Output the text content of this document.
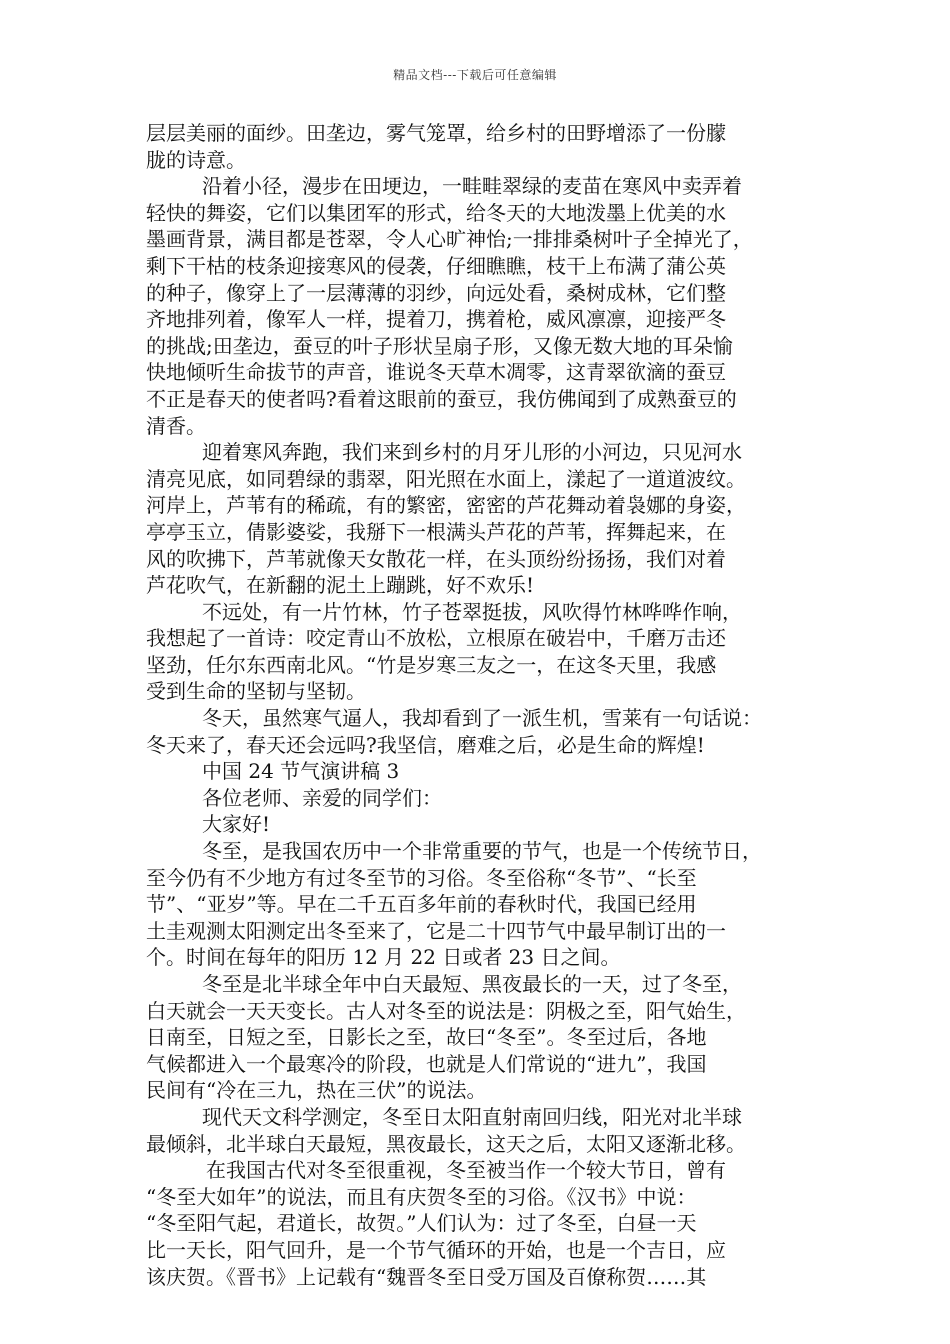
精品文档---下载后可任意编辑
层层美丽的面纱。田垄边，雾气笼罩，给乡村的田野增添了一份朦
胧的诗意。
沿着小径，漫步在田埂边，一畦畦翠绿的麦苗在寒风中卖弄着
轻快的舞姿，它们以集团军的形式，给冬天的大地泼墨上优美的水
墨画背景，满目都是苍翠，令人心旷神怡;一排排桑树叶子全掉光了，
剩下干枯的枝条迎接寒风的侵袭，仔细瞧瞧，枝干上布满了蒲公英
的种子，像穿上了一层薄薄的羽纱，向远处看，桑树成林，它们整
齐地排列着，像军人一样，提着刀，携着枪，威风凛凛，迎接严冬
的挑战;田垄边，蚕豆的叶子形状呈扇子形，又像无数大地的耳朵愉
快地倾听生命拔节的声音，谁说冬天草木凋零，这青翠欲滴的蚕豆
不正是春天的使者吗?看着这眼前的蚕豆，我仿佛闻到了成熟蚕豆的
清香。
迎着寒风奔跑，我们来到乡村的月牙儿形的小河边，只见河水
清亮见底，如同碧绿的翡翠，阳光照在水面上，漾起了一道道波纹。
河岸上，芦苇有的稀疏，有的繁密，密密的芦花舞动着袅娜的身姿，
亭亭玉立，倩影婆娑，我掰下一根满头芦花的芦苇，挥舞起来，在
风的吹拂下，芦苇就像天女散花一样，在头顶纷纷扬扬，我们对着
芦花吹气，在新翻的泥土上蹦跳，好不欢乐!
不远处，有一片竹林，竹子苍翠挺拔，风吹得竹林哗哗作响，
我想起了一首诗：咬定青山不放松，立根原在破岩中，千磨万击还
坚劲，任尔东西南北风。“竹是岁寒三友之一，在这冬天里，我感
受到生命的坚韧与坚韧。
冬天，虽然寒气逼人，我却看到了一派生机，雪莱有一句话说：
冬天来了，春天还会远吗?我坚信，磨难之后，必是生命的辉煌!
中国 24 节气演讲稿 3
各位老师、亲爱的同学们：
大家好!
冬至，是我国农历中一个非常重要的节气，也是一个传统节日，
至今仍有不少地方有过冬至节的习俗。冬至俗称“冬节”、“长至
节”、“亚岁”等。早在二千五百多年前的春秋时代，我国已经用
土圭观测太阳测定出冬至来了，它是二十四节气中最早制订出的一
个。时间在每年的阳历 12 月 22 日或者 23 日之间。
冬至是北半球全年中白天最短、黑夜最长的一天，过了冬至，
白天就会一天天变长。古人对冬至的说法是：阴极之至，阳气始生，
日南至，日短之至，日影长之至，故曰“冬至”。冬至过后，各地
气候都进入一个最寒冷的阶段，也就是人们常说的“进九”，我国
民间有“冷在三九，热在三伏”的说法。
现代天文科学测定，冬至日太阳直射南回归线，阳光对北半球
最倾斜，北半球白天最短，黑夜最长，这天之后，太阳又逐渐北移。
在我国古代对冬至很重视，冬至被当作一个较大节日，曾有
“冬至大如年”的说法，而且有庆贺冬至的习俗。《汉书》中说：
“冬至阳气起，君道长，故贺。”人们认为：过了冬至，白昼一天
比一天长，阳气回升，是一个节气循环的开始，也是一个吉日，应
该庆贺。《晋书》上记载有“魏晋冬至日受万国及百僚称贺……其
